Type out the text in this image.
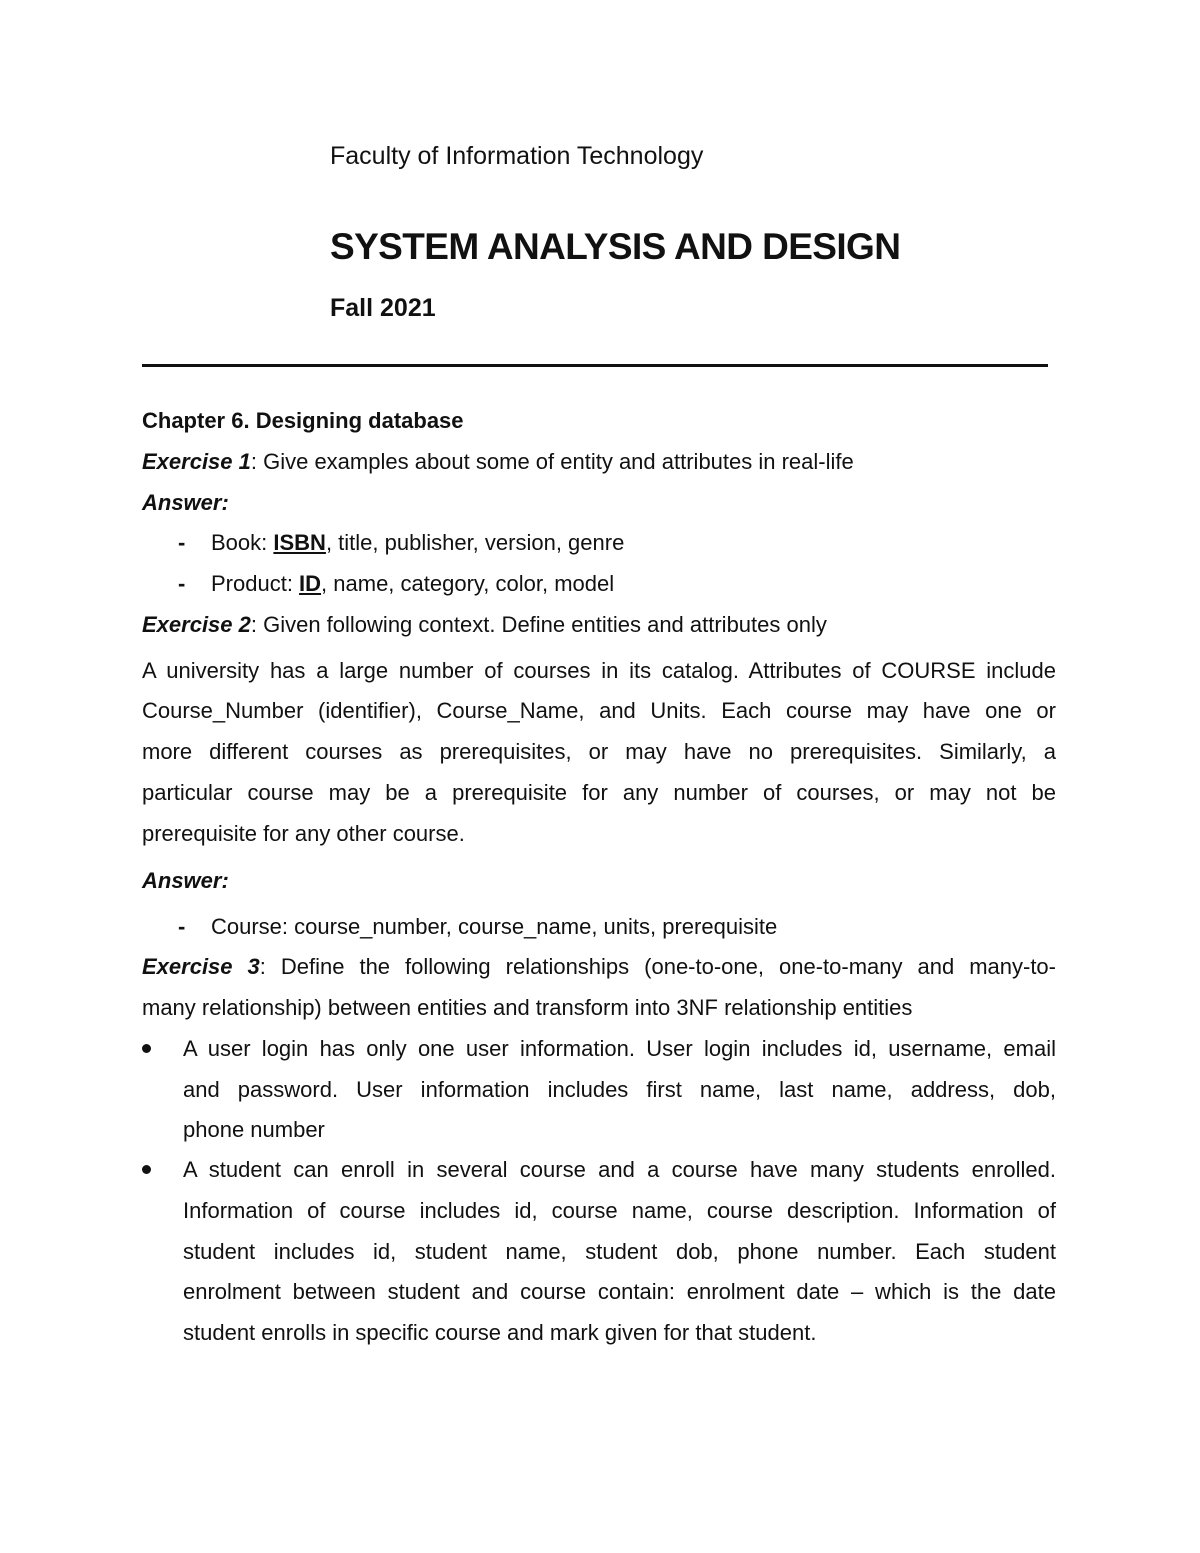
Faculty of Information Technology

SYSTEM ANALYSIS AND DESIGN

Fall 2021

Chapter 6. Designing database

Exercise 1: Give examples about some of entity and attributes in real-life

Answer:

- Book: ISBN, title, publisher, version, genre

- Product: ID, name, category, color, model

Exercise 2: Given following context. Define entities and attributes only

A university has a large number of courses in its catalog. Attributes of COURSE include

Course_Number (identifier), Course_Name, and Units. Each course may have one or

more different courses as prerequisites, or may have no prerequisites. Similarly, a

particular course may be a prerequisite for any number of courses, or may not be

prerequisite for any other course.

Answer:

- Course: course_number, course_name, units, prerequisite

Exercise 3: Define the following relationships (one-to-one, one-to-many and many-to-

many relationship) between entities and transform into 3NF relationship entities

A user login has only one user information. User login includes id, username, email

and password. User information includes first name, last name, address, dob,

phone number

A student can enroll in several course and a course have many students enrolled.

Information of course includes id, course name, course description. Information of

student includes id, student name, student dob, phone number. Each student

enrolment between student and course contain: enrolment date – which is the date

student enrolls in specific course and mark given for that student.
